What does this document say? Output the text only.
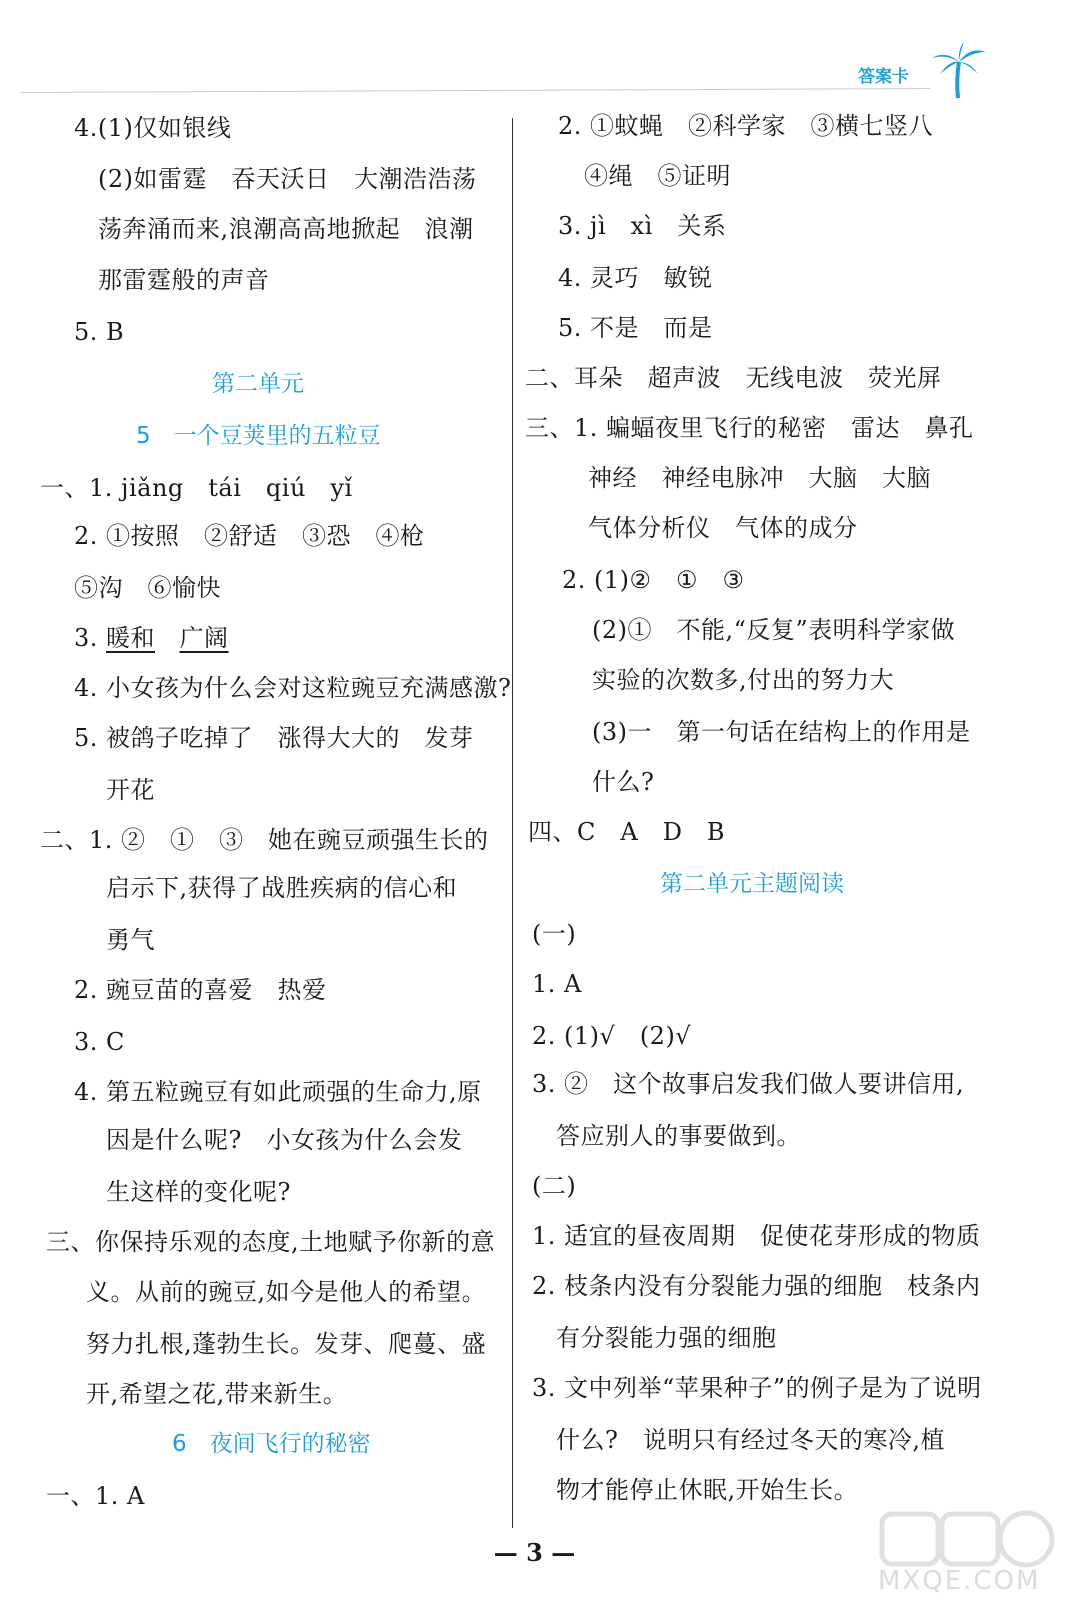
答案卡
4.(1)仅如银线
(2)如雷霆　吞天沃日　大潮浩浩荡
荡奔涌而来,浪潮高高地掀起　浪潮
那雷霆般的声音
5. B
第二单元
5　一个豆荚里的五粒豆
一、1. jiǎng　tái　qiú　yǐ
2. ①按照　②舒适　③恐　④枪
⑤沟　⑥愉快
3. 暖和　 广阔
4. 小女孩为什么会对这粒豌豆充满感激?
5. 被鸽子吃掉了　涨得大大的　发芽
开花
二、1. ②　①　③　她在豌豆顽强生长的
启示下,获得了战胜疾病的信心和
勇气
2. 豌豆苗的喜爱　热爱
3. C
4. 第五粒豌豆有如此顽强的生命力,原
因是什么呢?　小女孩为什么会发
生这样的变化呢?
三、你保持乐观的态度,土地赋予你新的意
义。从前的豌豆,如今是他人的希望。
努力扎根,蓬勃生长。发芽、爬蔓、盛
开,希望之花,带来新生。
6　夜间飞行的秘密
一、1. A
2. ①蚊蝇　②科学家　③横七竖八
④绳　⑤证明
3. jì　xì　关系
4. 灵巧　敏锐
5. 不是　而是
二、耳朵　超声波　无线电波　荧光屏
三、1. 蝙蝠夜里飞行的秘密　雷达　鼻孔
神经　神经电脉冲　大脑　大脑
气体分析仪　气体的成分
2. (1)②　①　③
(2)①　不能,“反复”表明科学家做
实验的次数多,付出的努力大
(3)一　第一句话在结构上的作用是
什么?
四、C　A　D　B
第二单元主题阅读
(一)
1. A
2. (1)√　(2)√
3. ②　这个故事启发我们做人要讲信用,
答应别人的事要做到。
(二)
1. 适宜的昼夜周期　促使花芽形成的物质
2. 枝条内没有分裂能力强的细胞　枝条内
有分裂能力强的细胞
3. 文中列举“苹果种子”的例子是为了说明
什么?　说明只有经过冬天的寒冷,植
物才能停止休眠,开始生长。
— 3 —
MXQE.COM
